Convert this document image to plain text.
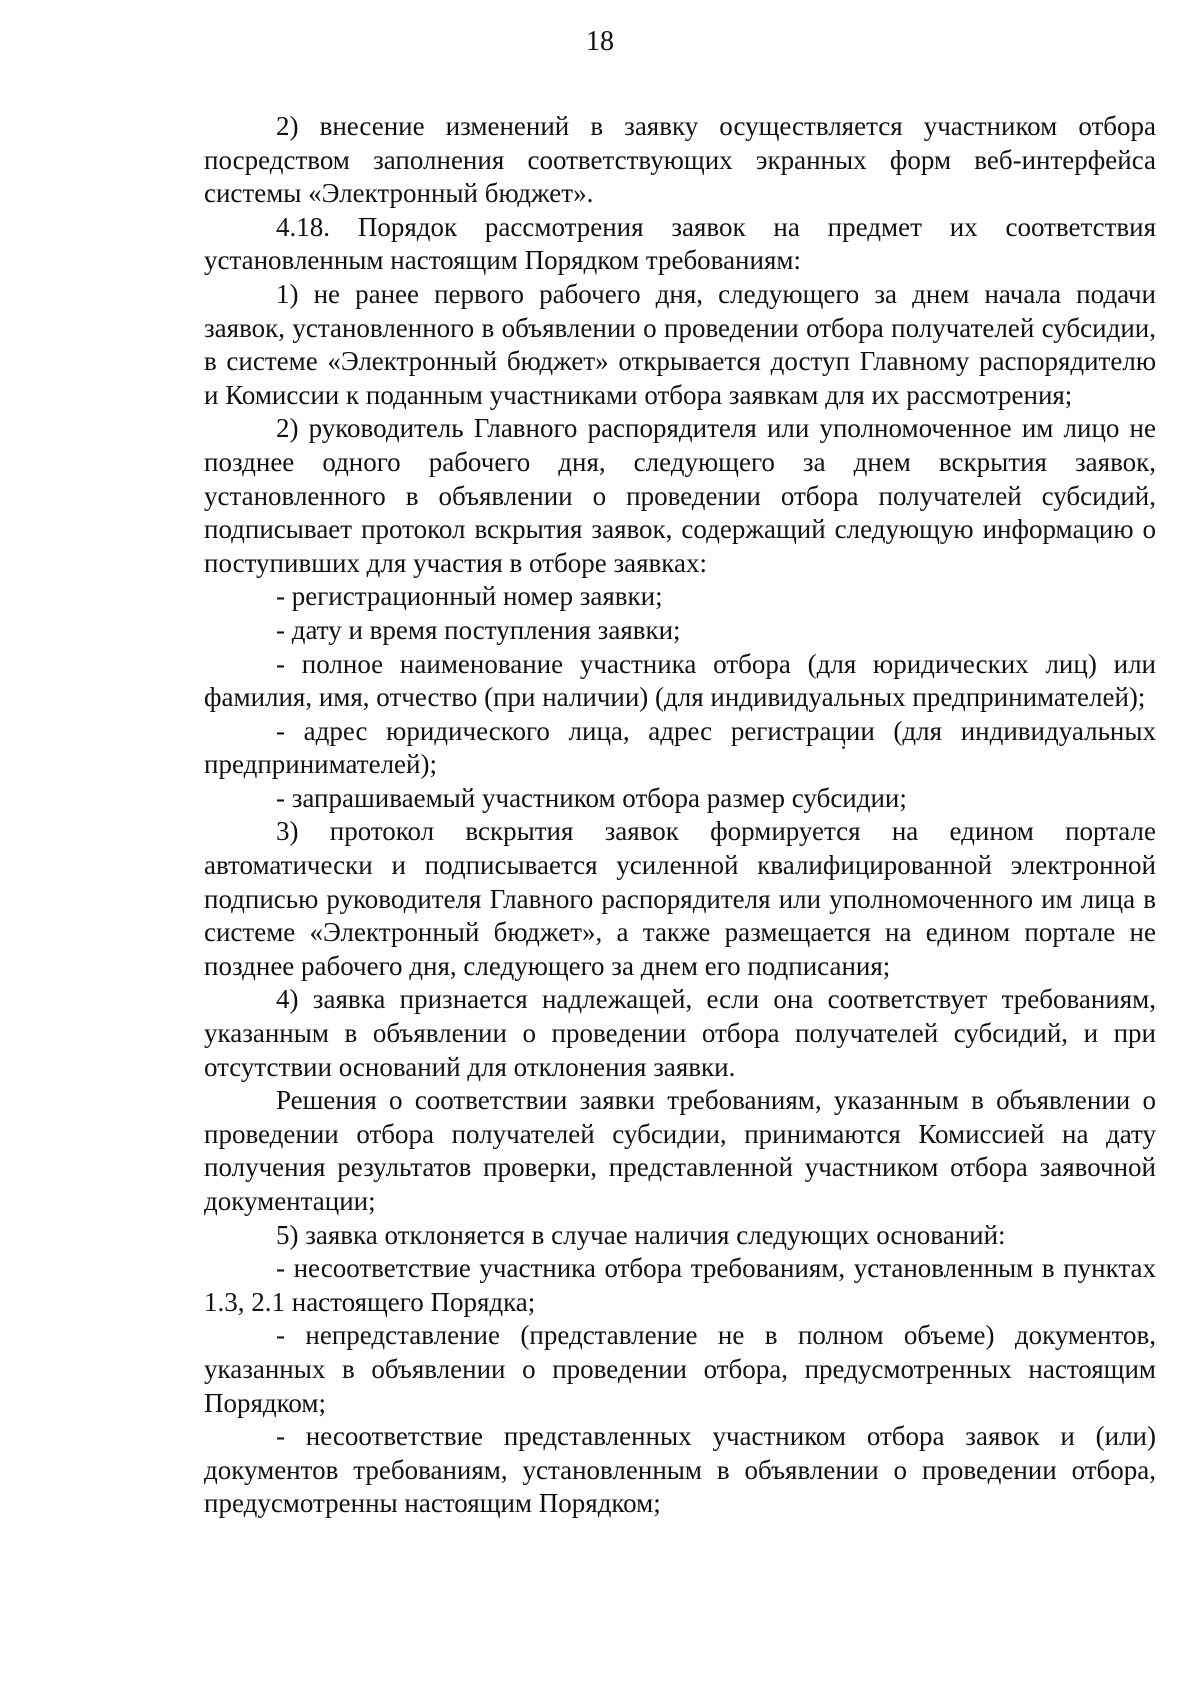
18

2) внесение изменений в заявку осуществляется участником отбора посредством заполнения соответствующих экранных форм веб-интерфейса системы «Электронный бюджет».

4.18. Порядок рассмотрения заявок на предмет их соответствия установленным настоящим Порядком требованиям:

1) не ранее первого рабочего дня, следующего за днем начала подачи заявок, установленного в объявлении о проведении отбора получателей субсидии, в системе «Электронный бюджет» открывается доступ Главному распорядителю и Комиссии к поданным участниками отбора заявкам для их рассмотрения;

2) руководитель Главного распорядителя или уполномоченное им лицо не позднее одного рабочего дня, следующего за днем вскрытия заявок, установленного в объявлении о проведении отбора получателей субсидий, подписывает протокол вскрытия заявок, содержащий следующую информацию о поступивших для участия в отборе заявках:

- регистрационный номер заявки;

- дату и время поступления заявки;

- полное наименование участника отбора (для юридических лиц) или фамилия, имя, отчество (при наличии) (для индивидуальных предпринимателей);

- адрес юридического лица, адрес регистрации (для индивидуальных предпринимателей);

- запрашиваемый участником отбора размер субсидии;

3) протокол вскрытия заявок формируется на едином портале автоматически и подписывается усиленной квалифицированной электронной подписью руководителя Главного распорядителя или уполномоченного им лица в системе «Электронный бюджет», а также размещается на едином портале не позднее рабочего дня, следующего за днем его подписания;

4) заявка признается надлежащей, если она соответствует требованиям, указанным в объявлении о проведении отбора получателей субсидий, и при отсутствии оснований для отклонения заявки.

Решения о соответствии заявки требованиям, указанным в объявлении о проведении отбора получателей субсидии, принимаются Комиссией на дату получения результатов проверки, представленной участником отбора заявочной документации;

5) заявка отклоняется в случае наличия следующих оснований:

- несоответствие участника отбора требованиям, установленным в пунктах 1.3, 2.1 настоящего Порядка;

- непредставление (представление не в полном объеме) документов, указанных в объявлении о проведении отбора, предусмотренных настоящим Порядком;

- несоответствие представленных участником отбора заявок и (или) документов требованиям, установленным в объявлении о проведении отбора, предусмотренны настоящим Порядком;
